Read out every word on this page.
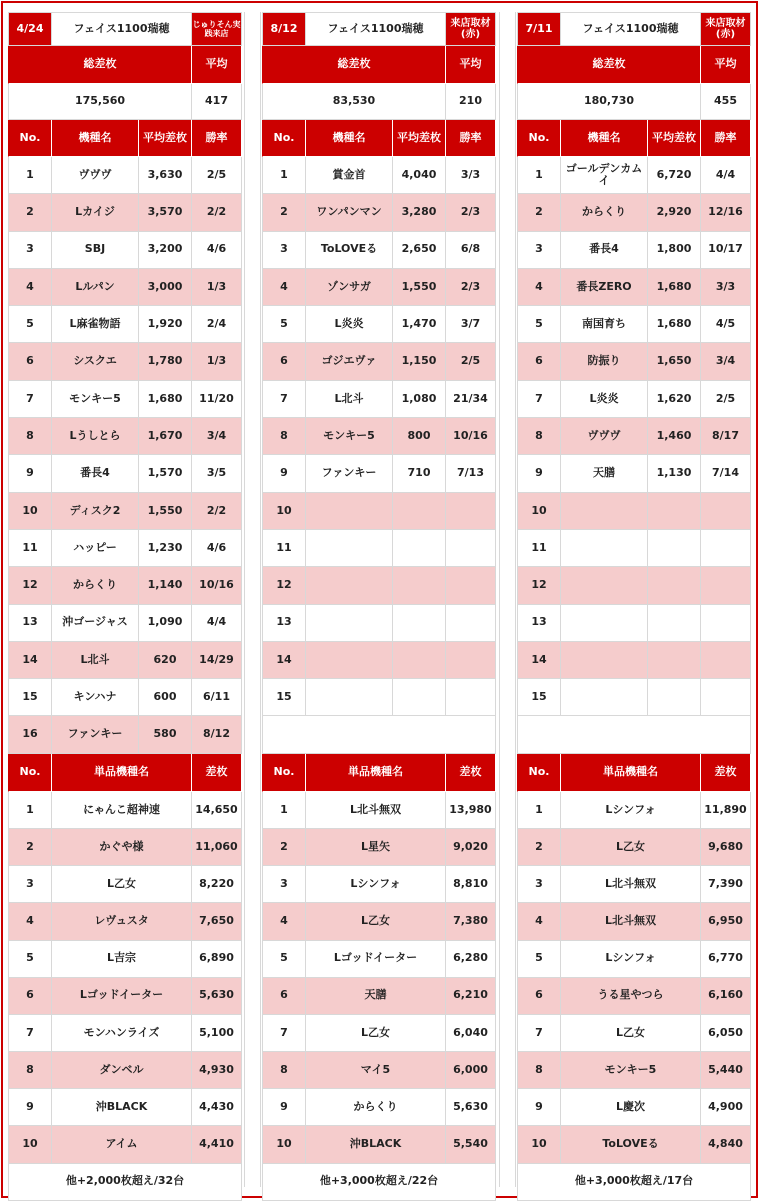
4/24	フェイス1100瑞穂	じゅりそん実践来店
総差枚	平均
175,560	417
No.	機種名	平均差枚	勝率
1	ヴヴヴ	3,630	2/5
2	Lカイジ	3,570	2/2
3	SBJ	3,200	4/6
4	Lルパン	3,000	1/3
5	L麻雀物語	1,920	2/4
6	シスクエ	1,780	1/3
7	モンキー5	1,680	11/20
8	Lうしとら	1,670	3/4
9	番長4	1,570	3/5
10	ディスク2	1,550	2/2
11	ハッピー	1,230	4/6
12	からくり	1,140	10/16
13	沖ゴージャス	1,090	4/4
14	L北斗	620	14/29
15	キンハナ	600	6/11
16	ファンキー	580	8/12
No.	単品機種名	差枚
1	にゃんこ超神速	14,650
2	かぐや様	11,060
3	L乙女	8,220
4	レヴュスタ	7,650
5	L吉宗	6,890
6	Lゴッドイーター	5,630
7	モンハンライズ	5,100
8	ダンベル	4,930
9	沖BLACK	4,430
10	アイム	4,410
他+2,000枚超え/32台
8/12	フェイス1100瑞穂	来店取材(赤)
総差枚	平均
83,530	210
No.	機種名	平均差枚	勝率
1	賞金首	4,040	3/3
2	ワンパンマン	3,280	2/3
3	ToLOVEる	2,650	6/8
4	ゾンサガ	1,550	2/3
5	L炎炎	1,470	3/7
6	ゴジエヴァ	1,150	2/5
7	L北斗	1,080	21/34
8	モンキー5	800	10/16
9	ファンキー	710	7/13
10
11
12
13
14
15
No.	単品機種名	差枚
1	L北斗無双	13,980
2	L星矢	9,020
3	Lシンフォ	8,810
4	L乙女	7,380
5	Lゴッドイーター	6,280
6	天膳	6,210
7	L乙女	6,040
8	マイ5	6,000
9	からくり	5,630
10	沖BLACK	5,540
他+3,000枚超え/22台
7/11	フェイス1100瑞穂	来店取材(赤)
総差枚	平均
180,730	455
No.	機種名	平均差枚	勝率
1	ゴールデンカムイ	6,720	4/4
2	からくり	2,920	12/16
3	番長4	1,800	10/17
4	番長ZERO	1,680	3/3
5	南国育ち	1,680	4/5
6	防振り	1,650	3/4
7	L炎炎	1,620	2/5
8	ヴヴヴ	1,460	8/17
9	天膳	1,130	7/14
10
11
12
13
14
15
No.	単品機種名	差枚
1	Lシンフォ	11,890
2	L乙女	9,680
3	L北斗無双	7,390
4	L北斗無双	6,950
5	Lシンフォ	6,770
6	うる星やつら	6,160
7	L乙女	6,050
8	モンキー5	5,440
9	L慶次	4,900
10	ToLOVEる	4,840
他+3,000枚超え/17台
